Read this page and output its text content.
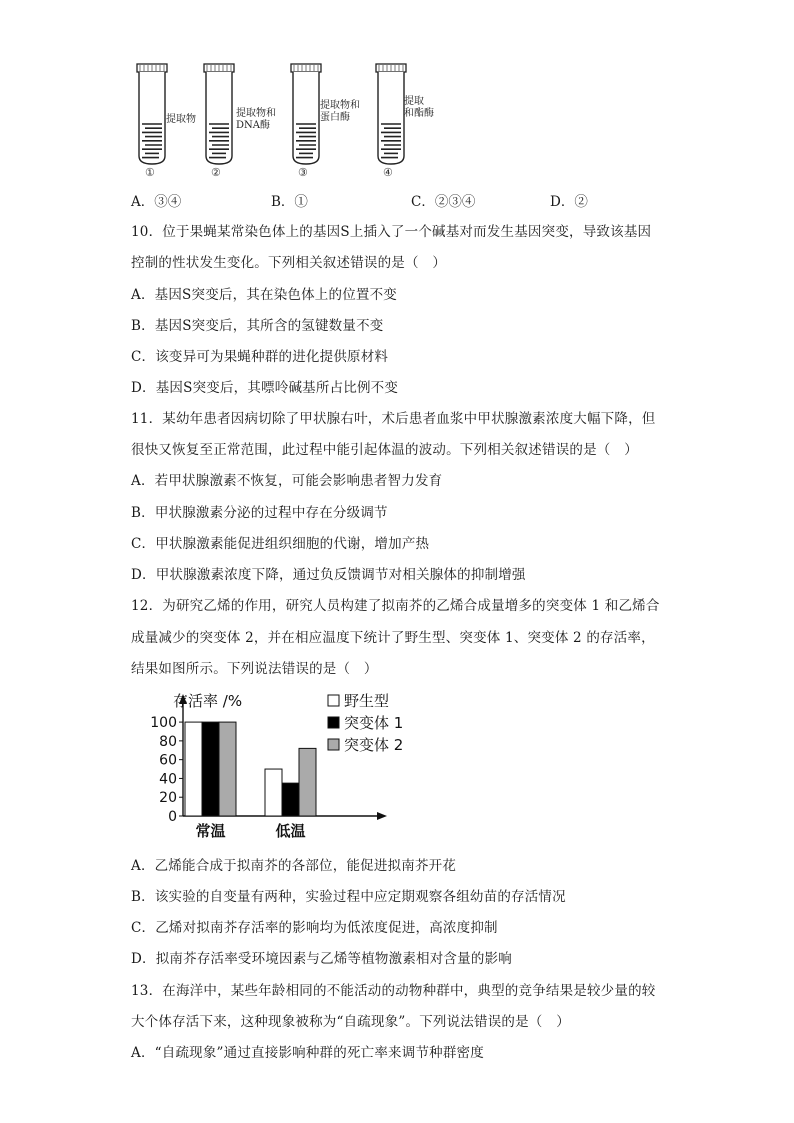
提取物
提取物和
DNA酶
提取物和
蛋白酶
提取
和酯酶
①	②	③	④
A．③④	B．①	C．②③④	D．②
10．位于果蝇某常染色体上的基因S上插入了一个碱基对而发生基因突变，导致该基因
控制的性状发生变化。下列相关叙述错误的是（　）
A．基因S突变后，其在染色体上的位置不变
B．基因S突变后，其所含的氢键数量不变
C．该变异可为果蝇种群的进化提供原材料
D．基因S突变后，其嘌呤碱基所占比例不变
11．某幼年患者因病切除了甲状腺右叶，术后患者血浆中甲状腺激素浓度大幅下降，但
很快又恢复至正常范围，此过程中能引起体温的波动。下列相关叙述错误的是（　）
A．若甲状腺激素不恢复，可能会影响患者智力发育
B．甲状腺激素分泌的过程中存在分级调节
C．甲状腺激素能促进组织细胞的代谢，增加产热
D．甲状腺激素浓度下降，通过负反馈调节对相关腺体的抑制增强
12．为研究乙烯的作用，研究人员构建了拟南芥的乙烯合成量增多的突变体 1 和乙烯合
成量减少的突变体 2，并在相应温度下统计了野生型、突变体 1、突变体 2 的存活率，
结果如图所示。下列说法错误的是（　）
存活率 /%
0
20
40
60
80
100
常温	低温
野生型
突变体 1
突变体 2
A．乙烯能合成于拟南芥的各部位，能促进拟南芥开花
B．该实验的自变量有两种，实验过程中应定期观察各组幼苗的存活情况
C．乙烯对拟南芥存活率的影响均为低浓度促进，高浓度抑制
D．拟南芥存活率受环境因素与乙烯等植物激素相对含量的影响
13．在海洋中，某些年龄相同的不能活动的动物种群中，典型的竞争结果是较少量的较
大个体存活下来，这种现象被称为“自疏现象”。下列说法错误的是（　）
A．“自疏现象”通过直接影响种群的死亡率来调节种群密度
